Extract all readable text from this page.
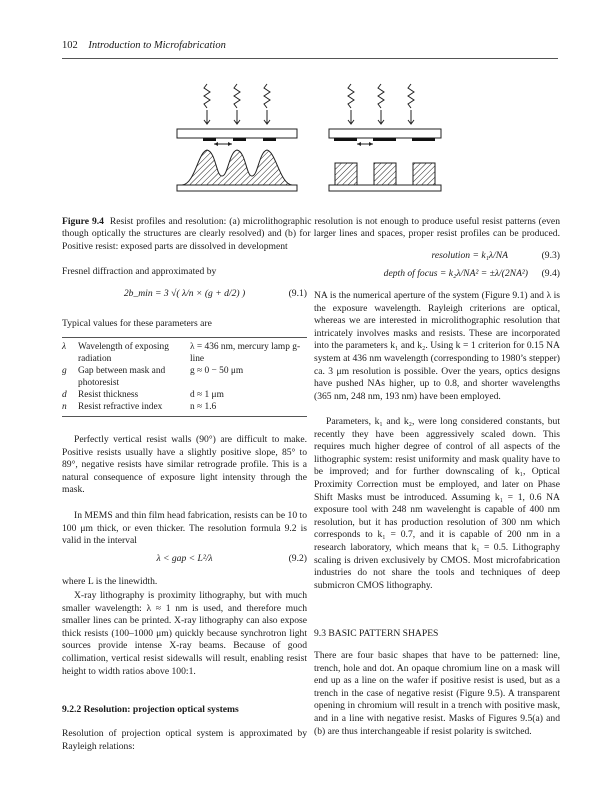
102 Introduction to Microfabrication
Figure 9.4 Resist profiles and resolution: (a) microlithographic resolution is not enough to produce useful resist patterns (even though optically the structures are clearly resolved) and (b) for larger lines and spaces, proper resist profiles can be produced. Positive resist: exposed parts are dissolved in development
Fresnel diffraction and approximated by
2b_min = 3 √( λ/n × (g + d/2) )	(9.1)
Typical values for these parameters are
λ	Wavelength of exposing radiation	λ = 436 nm, mercury lamp g-line
g	Gap between mask and photoresist	g ≈ 0 − 50 μm
d	Resist thickness	d ≈ 1 μm
n	Resist refractive index	n ≈ 1.6

Perfectly vertical resist walls (90°) are difficult to make. Positive resists usually have a slightly positive slope, 85° to 89°, negative resists have similar retrograde profile. This is a natural consequence of exposure light intensity through the mask.

In MEMS and thin film head fabrication, resists can be 10 to 100 μm thick, or even thicker. The resolution formula 9.2 is valid in the interval

λ < gap < L²/λ	(9.2)
where L is the linewidth.

X-ray lithography is proximity lithography, but with much smaller wavelength: λ ≈ 1 nm is used, and therefore much smaller lines can be printed. X-ray lithography can also expose thick resists (100–1000 μm) quickly because synchrotron light sources provide intense X-ray beams. Because of good collimation, vertical resist sidewalls will result, enabling resist height to width ratios above 100:1.

9.2.2 Resolution: projection optical systems

Resolution of projection optical system is approximated by Rayleigh relations:

resolution = k₁λ/NA	(9.3)
depth of focus = k₂λ/NA² = ±λ/(2NA²) (9.4)

NA is the numerical aperture of the system (Figure 9.1) and λ is the exposure wavelength. Rayleigh criterions are optical, whereas we are interested in microlithographic resolution that intricately involves masks and resists. These are incorporated into the parameters k₁ and k₂. Using k = 1 criterion for 0.15 NA system at 436 nm wavelength (corresponding to 1980’s stepper) ca. 3 μm resolution is possible. Over the years, optics designs have pushed NAs higher, up to 0.8, and shorter wavelengths (365 nm, 248 nm, 193 nm) have been employed.

Parameters, k₁ and k₂, were long considered constants, but recently they have been aggressively scaled down. This requires much higher degree of control of all aspects of the lithographic system: resist uniformity and mask quality have to be improved; and for further downscaling of k₁, Optical Proximity Correction must be employed, and later on Phase Shift Masks must be introduced. Assuming k₁ = 1, 0.6 NA exposure tool with 248 nm wavelenght is capable of 400 nm resolution, but it has production resolution of 300 nm which corresponds to k₁ = 0.7, and it is capable of 200 nm in a research laboratory, which means that k₁ = 0.5. Lithography scaling is driven exclusively by CMOS. Most microfabrication industries do not share the tools and techniques of deep submicron CMOS lithography.

9.3 BASIC PATTERN SHAPES

There are four basic shapes that have to be patterned: line, trench, hole and dot. An opaque chromium line on a mask will end up as a line on the wafer if positive resist is used, but as a trench in the case of negative resist (Figure 9.5). A transparent opening in chromium will result in a trench with positive mask, and in a line with negative resist. Masks of Figures 9.5(a) and (b) are thus interchangeable if resist polarity is switched.
